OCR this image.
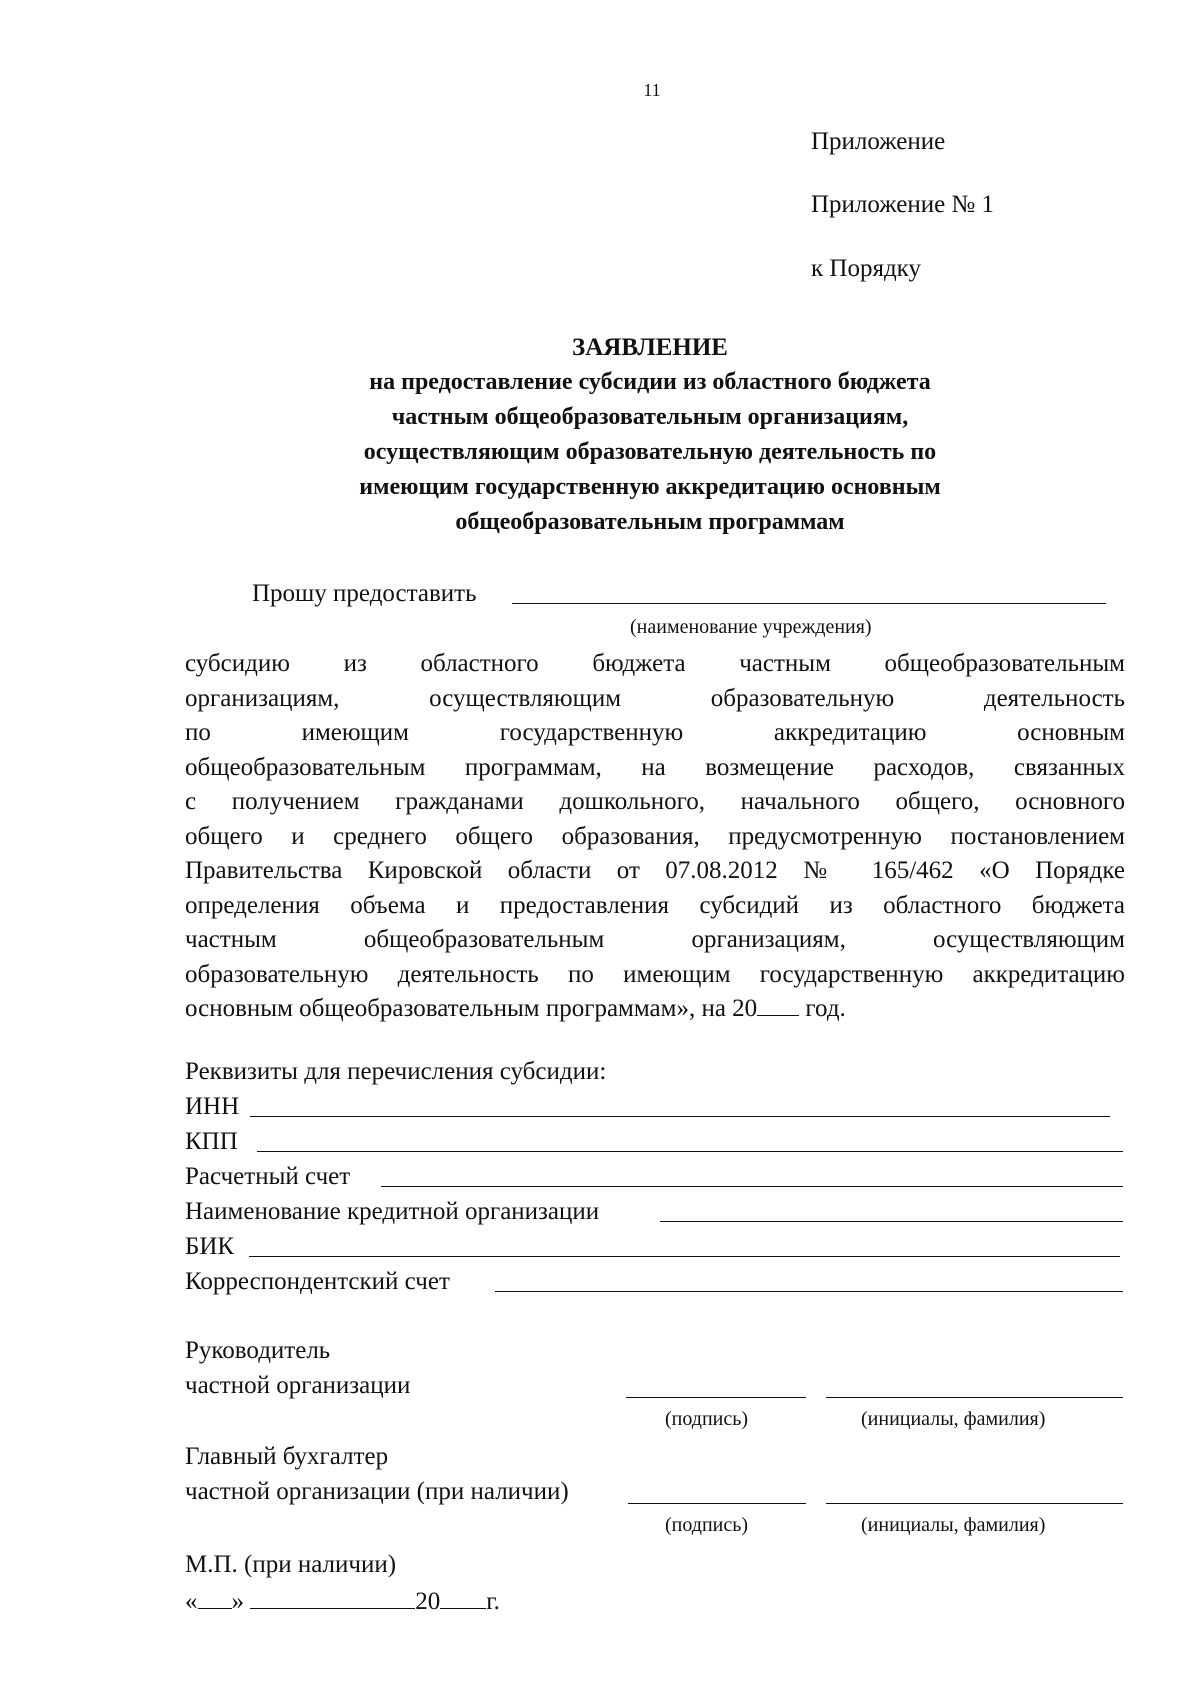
11
Приложение
Приложение № 1
к Порядку
ЗАЯВЛЕНИЕ
на предоставление субсидии из областного бюджета
частным общеобразовательным организациям,
осуществляющим образовательную деятельность по
имеющим государственную аккредитацию основным
общеобразовательным программам
Прошу предоставить
(наименование учреждения)
субсидию из областного бюджета частным общеобразовательным
организациям, осуществляющим образовательную деятельность
по имеющим государственную аккредитацию основным
общеобразовательным программам, на возмещение расходов, связанных
с получением гражданами дошкольного, начального общего, основного
общего и среднего общего образования, предусмотренную постановлением
Правительства Кировской области от 07.08.2012 № 165/462 «О Порядке
определения объема и предоставления субсидий из областного бюджета
частным общеобразовательным организациям, осуществляющим
образовательную деятельность по имеющим государственную аккредитацию
основным общеобразовательным программам», на 20 год.
Реквизиты для перечисления субсидии:
ИНН
КПП
Расчетный счет
Наименование кредитной организации
БИК
Корреспондентский счет
Руководитель
частной организации
(подпись)	(инициалы, фамилия)
Главный бухгалтер
частной организации (при наличии)
(подпись)	(инициалы, фамилия)
М.П. (при наличии)
« »	20 г.
